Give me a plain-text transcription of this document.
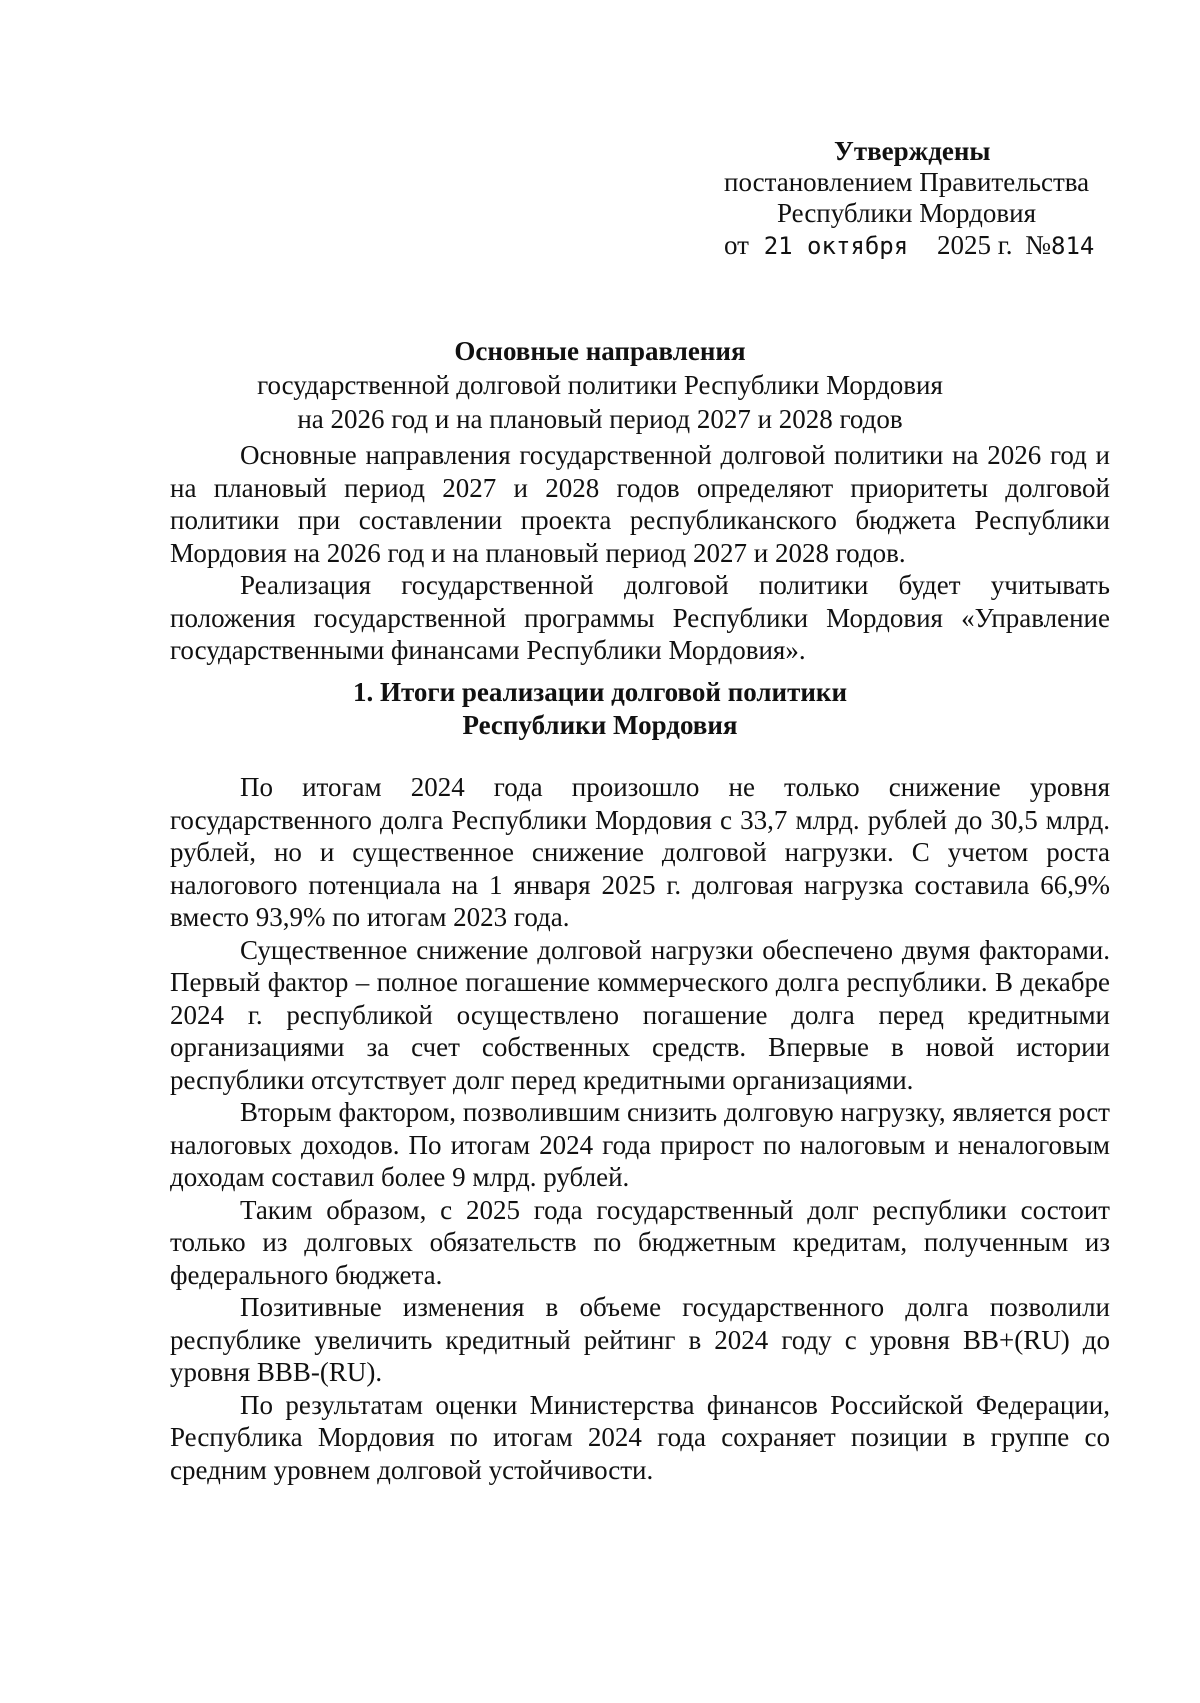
Утверждены
постановлением Правительства
Республики Мордовия
от 21 октября 2025 г. №814
Основные направления
государственной долговой политики Республики Мордовия
на 2026 год и на плановый период 2027 и 2028 годов

Основные направления государственной долговой политики на 2026 год и на плановый период 2027 и 2028 годов определяют приоритеты долговой политики при составлении проекта республиканского бюджета Республики Мордовия на 2026 год и на плановый период 2027 и 2028 годов.

Реализация государственной долговой политики будет учитывать положения государственной программы Республики Мордовия «Управление государственными финансами Республики Мордовия».

1. Итоги реализации долговой политики
Республики Мордовия

По итогам 2024 года произошло не только снижение уровня государственного долга Республики Мордовия с 33,7 млрд. рублей до 30,5 млрд. рублей, но и существенное снижение долговой нагрузки. С учетом роста налогового потенциала на 1 января 2025 г. долговая нагрузка составила 66,9% вместо 93,9% по итогам 2023 года.

Существенное снижение долговой нагрузки обеспечено двумя факторами. Первый фактор – полное погашение коммерческого долга республики. В декабре 2024 г. республикой осуществлено погашение долга перед кредитными организациями за счет собственных средств. Впервые в новой истории республики отсутствует долг перед кредитными организациями.

Вторым фактором, позволившим снизить долговую нагрузку, является рост налоговых доходов. По итогам 2024 года прирост по налоговым и неналоговым доходам составил более 9 млрд. рублей.

Таким образом, с 2025 года государственный долг республики состоит только из долговых обязательств по бюджетным кредитам, полученным из федерального бюджета.

Позитивные изменения в объеме государственного долга позволили республике увеличить кредитный рейтинг в 2024 году с уровня BB+(RU) до уровня BBB-(RU).

По результатам оценки Министерства финансов Российской Федерации, Республика Мордовия по итогам 2024 года сохраняет позиции в группе со средним уровнем долговой устойчивости.
